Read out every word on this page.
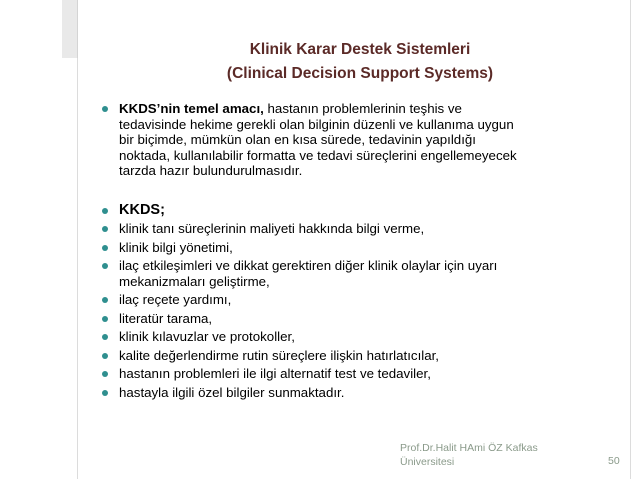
Klinik Karar Destek Sistemleri
(Clinical Decision Support Systems)
KKDS’nin temel amacı, hastanın problemlerinin teşhis ve
tedavisinde hekime gerekli olan bilginin düzenli ve kullanıma uygun
bir biçimde, mümkün olan en kısa sürede, tedavinin yapıldığı
noktada, kullanılabilir formatta ve tedavi süreçlerini engellemeyecek
tarzda hazır bulundurulmasıdır.
KKDS;
klinik tanı süreçlerinin maliyeti hakkında bilgi verme,
klinik bilgi yönetimi,
ilaç etkileşimleri ve dikkat gerektiren diğer klinik olaylar için uyarı
mekanizmaları geliştirme,
ilaç reçete yardımı,
literatür tarama,
klinik kılavuzlar ve protokoller,
kalite değerlendirme rutin süreçlere ilişkin hatırlatıcılar,
hastanın problemleri ile ilgi alternatif test ve tedaviler,
hastayla ilgili özel bilgiler sunmaktadır.
Prof.Dr.Halit HAmi ÖZ Kafkas
Üniversitesi	50
